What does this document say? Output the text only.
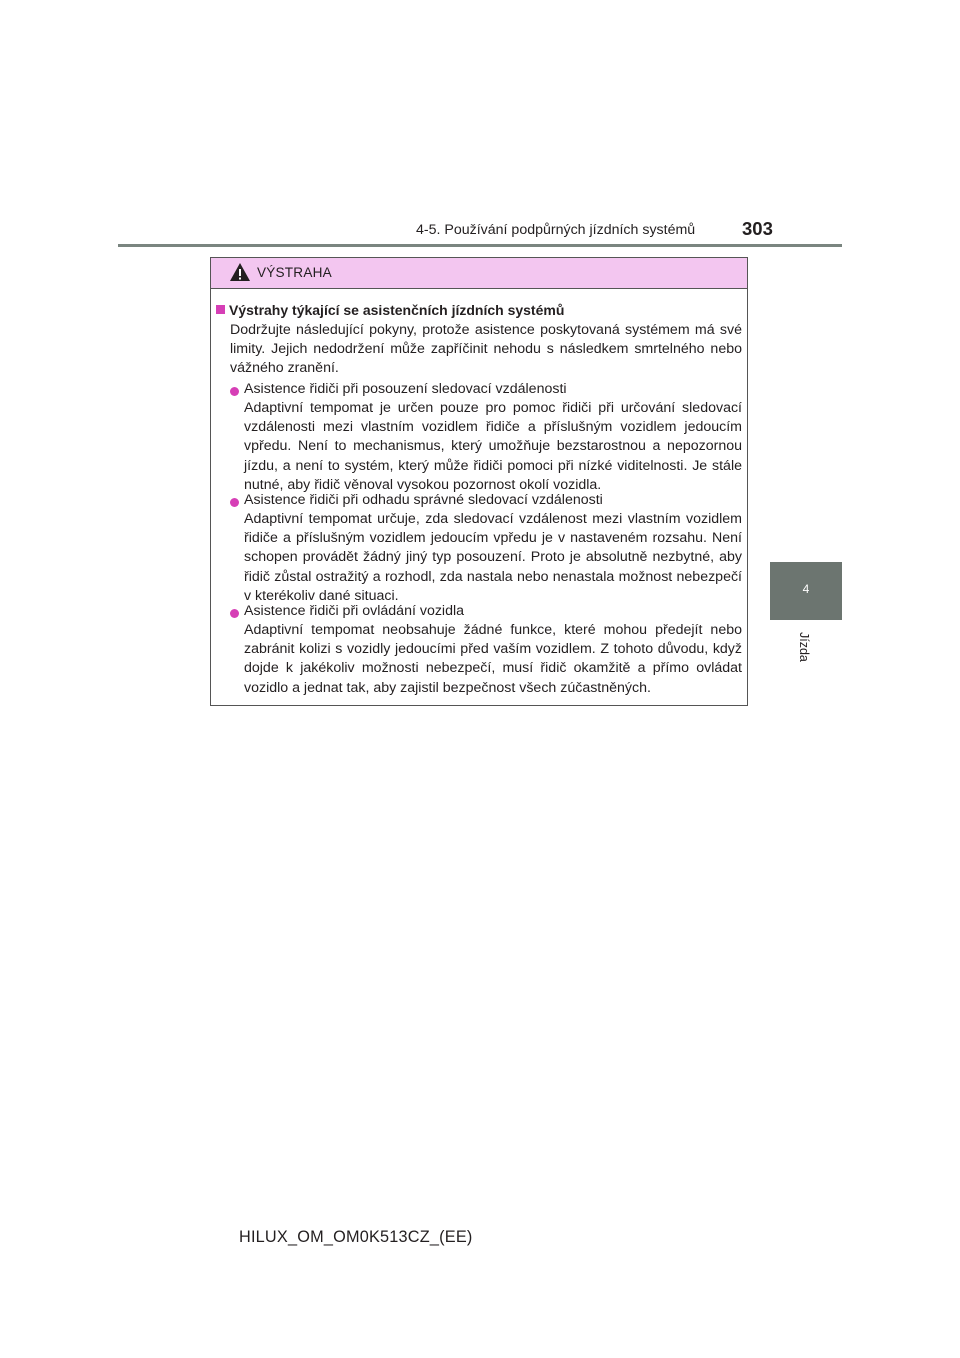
4-5. Používání podpůrných jízdních systémů	303
4
Jízda
VÝSTRAHA
Výstrahy týkající se asistenčních jízdních systémů
Dodržujte následující pokyny, protože asistence poskytovaná systémem má své limity. Jejich nedodržení může zapříčinit nehodu s následkem smrtelného nebo vážného zranění.
Asistence řidiči při posouzení sledovací vzdálenosti
Adaptivní tempomat je určen pouze pro pomoc řidiči při určování sledovací vzdálenosti mezi vlastním vozidlem řidiče a příslušným vozidlem jedoucím vpředu. Není to mechanismus, který umožňuje bezstarostnou a nepozornou jízdu, a není to systém, který může řidiči pomoci při nízké viditelnosti. Je stále nutné, aby řidič věnoval vysokou pozornost okolí vozidla.
Asistence řidiči při odhadu správné sledovací vzdálenosti
Adaptivní tempomat určuje, zda sledovací vzdálenost mezi vlastním vozidlem řidiče a příslušným vozidlem jedoucím vpředu je v nastaveném rozsahu. Není schopen provádět žádný jiný typ posouzení. Proto je absolutně nezbytné, aby řidič zůstal ostražitý a rozhodl, zda nastala nebo nenastala možnost nebezpečí v kterékoliv dané situaci.
Asistence řidiči při ovládání vozidla
Adaptivní tempomat neobsahuje žádné funkce, které mohou předejít nebo zabránit kolizi s vozidly jedoucími před vaším vozidlem. Z tohoto důvodu, když dojde k jakékoliv možnosti nebezpečí, musí řidič okamžitě a přímo ovládat vozidlo a jednat tak, aby zajistil bezpečnost všech zúčastněných.
HILUX_OM_OM0K513CZ_(EE)
